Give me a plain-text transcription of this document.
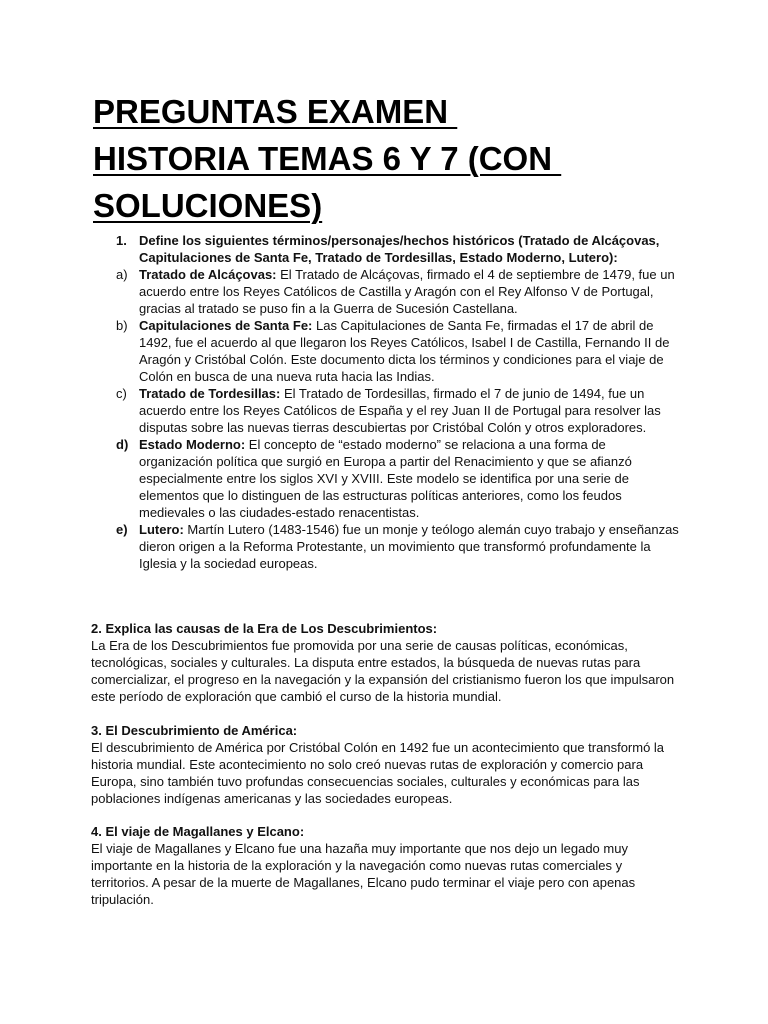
PREGUNTAS EXAMEN
HISTORIA TEMAS 6 Y 7 (CON
SOLUCIONES)
1. Define los siguientes términos/personajes/hechos históricos (Tratado de Alcáçovas, Capitulaciones de Santa Fe, Tratado de Tordesillas, Estado Moderno, Lutero):
a) Tratado de Alcáçovas: El Tratado de Alcáçovas, firmado el 4 de septiembre de 1479, fue un acuerdo entre los Reyes Católicos de Castilla y Aragón con el Rey Alfonso V de Portugal, gracias al tratado se puso fin a la Guerra de Sucesión Castellana.
b) Capitulaciones de Santa Fe: Las Capitulaciones de Santa Fe, firmadas el 17 de abril de 1492, fue el acuerdo al que llegaron los Reyes Católicos, Isabel I de Castilla, Fernando II de Aragón y Cristóbal Colón. Este documento dicta los términos y condiciones para el viaje de Colón en busca de una nueva ruta hacia las Indias.
c) Tratado de Tordesillas: El Tratado de Tordesillas, firmado el 7 de junio de 1494, fue un acuerdo entre los Reyes Católicos de España y el rey Juan II de Portugal para resolver las disputas sobre las nuevas tierras descubiertas por Cristóbal Colón y otros exploradores.
d) Estado Moderno: El concepto de “estado moderno” se relaciona a una forma de organización política que surgió en Europa a partir del Renacimiento y que se afianzó especialmente entre los siglos XVI y XVIII. Este modelo se identifica por una serie de elementos que lo distinguen de las estructuras políticas anteriores, como los feudos medievales o las ciudades-estado renacentistas.
e) Lutero: Martín Lutero (1483-1546) fue un monje y teólogo alemán cuyo trabajo y enseñanzas dieron origen a la Reforma Protestante, un movimiento que transformó profundamente la Iglesia y la sociedad europeas.
2. Explica las causas de la Era de Los Descubrimientos:
La Era de los Descubrimientos fue promovida por una serie de causas políticas, económicas, tecnológicas, sociales y culturales. La disputa entre estados, la búsqueda de nuevas rutas para comercializar, el progreso en la navegación y la expansión del cristianismo fueron los que impulsaron este período de exploración que cambió el curso de la historia mundial.
3. El Descubrimiento de América:
El descubrimiento de América por Cristóbal Colón en 1492 fue un acontecimiento que transformó la historia mundial. Este acontecimiento no solo creó nuevas rutas de exploración y comercio para Europa, sino también tuvo profundas consecuencias sociales, culturales y económicas para las poblaciones indígenas americanas y las sociedades europeas.
4. El viaje de Magallanes y Elcano:
El viaje de Magallanes y Elcano fue una hazaña muy importante que nos dejo un legado muy importante en la historia de la exploración y la navegación como nuevas rutas comerciales y territorios. A pesar de la muerte de Magallanes, Elcano pudo terminar el viaje pero con apenas tripulación.
